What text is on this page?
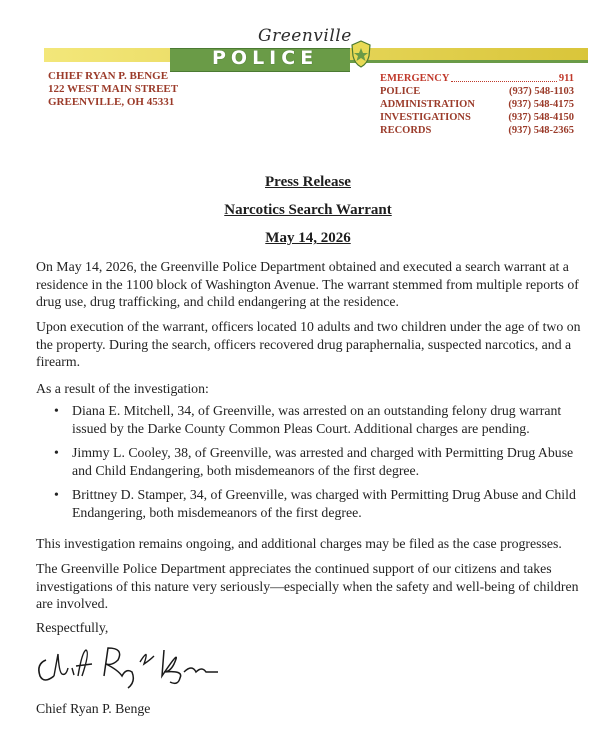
Greenville
POLICE
CHIEF RYAN P. BENGE
122 WEST MAIN STREET
GREENVILLE, OH 45331
EMERGENCY	911
POLICE	(937) 548-1103
ADMINISTRATION	(937) 548-4175
INVESTIGATIONS	(937) 548-4150
RECORDS	(937) 548-2365
Press Release
Narcotics Search Warrant
May 14, 2026
On May 14, 2026, the Greenville Police Department obtained and executed a search warrant at a residence in the 1100 block of Washington Avenue. The warrant stemmed from multiple reports of drug use, drug trafficking, and child endangering at the residence.
Upon execution of the warrant, officers located 10 adults and two children under the age of two on the property. During the search, officers recovered drug paraphernalia, suspected narcotics, and a firearm.
As a result of the investigation:
• Diana E. Mitchell, 34, of Greenville, was arrested on an outstanding felony drug warrant issued by the Darke County Common Pleas Court. Additional charges are pending.
• Jimmy L. Cooley, 38, of Greenville, was arrested and charged with Permitting Drug Abuse and Child Endangering, both misdemeanors of the first degree.
• Brittney D. Stamper, 34, of Greenville, was charged with Permitting Drug Abuse and Child Endangering, both misdemeanors of the first degree.
This investigation remains ongoing, and additional charges may be filed as the case progresses.
The Greenville Police Department appreciates the continued support of our citizens and takes investigations of this nature very seriously—especially when the safety and well-being of children are involved.
Respectfully,
Chief Ryan P. Benge
